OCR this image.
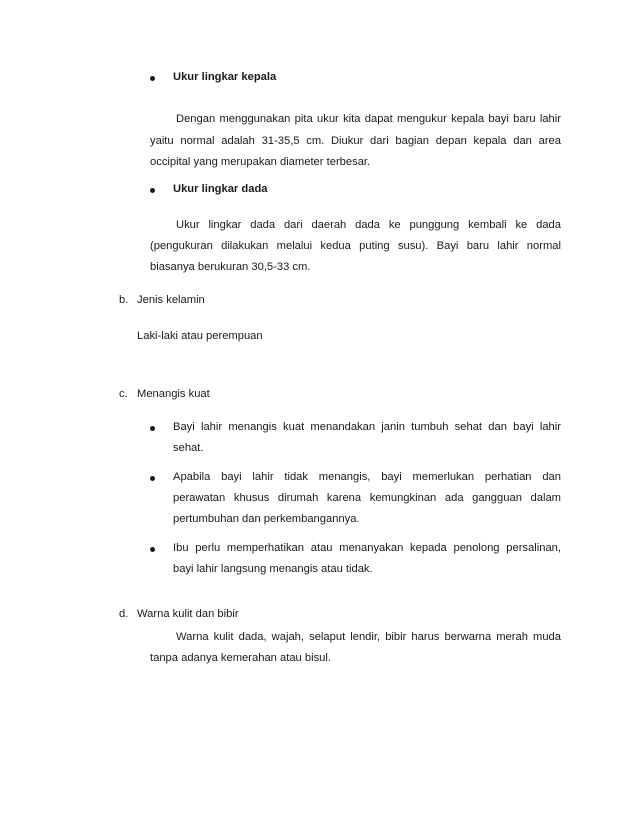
Ukur lingkar kepala
Dengan menggunakan pita ukur kita dapat mengukur kepala bayi baru lahir
yaitu normal adalah 31-35,5 cm. Diukur dari bagian depan kepala dan area
occipital yang merupakan diameter terbesar.
Ukur lingkar dada
Ukur lingkar dada dari daerah dada ke punggung kembali ke dada
(pengukuran dilakukan melalui kedua puting susu). Bayi baru lahir normal
biasanya berukuran 30,5-33 cm.
b. Jenis kelamin
Laki-laki atau perempuan
c. Menangis kuat
Bayi lahir menangis kuat menandakan janin tumbuh sehat dan bayi lahir
sehat.
Apabila bayi lahir tidak menangis, bayi memerlukan perhatian dan
perawatan khusus dirumah karena kemungkinan ada gangguan dalam
pertumbuhan dan perkembangannya.
Ibu perlu memperhatikan atau menanyakan kepada penolong persalinan,
bayi lahir langsung menangis atau tidak.
d. Warna kulit dan bibir
Warna kulit dada, wajah, selaput lendir, bibir harus berwarna merah muda
tanpa adanya kemerahan atau bisul.
